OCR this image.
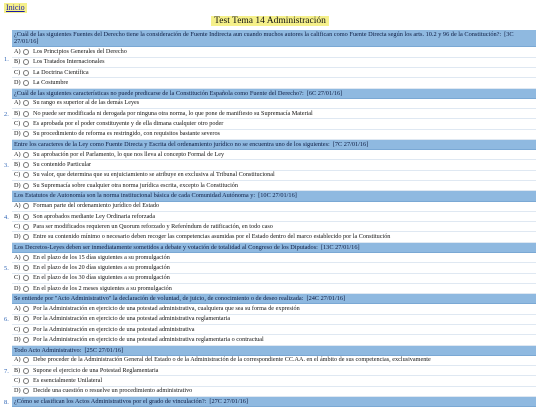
Inicio
Test Tema 14 Administración
1.
¿Cuál de las siguientes Fuentes del Derecho tiene la consideración de Fuente Indirecta aun cuando muchos autores la califican como Fuente Directa según los arts. 10.2 y 96 de la Constitución?: [3C 27/01/16]
A)	Los Principios Generales del Derecho
B)	Los Tratados Internacionales
C)	La Doctrina Científica
D)	La Costumbre
2.
¿Cuál de las siguientes características no puede predicarse de la Constitución Española como Fuente del Derecho?: [6C 27/01/16]
A)	Su rango es superior al de las demás Leyes
B)	No puede ser modificada ni derogada por ninguna otra norma, lo que pone de manifiesto su Supremacía Material
C)	Es aprobada por el poder constituyente y de ella dimana cualquier otro poder
D)	Su procedimiento de reforma es restringido, con requisitos bastante severos
3.
Entre los caracteres de la Ley como Fuente Directa y Escrita del ordenamiento jurídico no se encuentra uno de los siguientes: [7C 27/01/16]
A)	Su aprobación por el Parlamento, lo que nos lleva al concepto Formal de Ley
B)	Su contenido Particular
C)	Su valor, que determina que su enjuiciamiento se atribuye en exclusiva al Tribunal Constitucional
D)	Su Supremacía sobre cualquier otra norma jurídica escrita, excepto la Constitución
4.
Los Estatutos de Autonomía son la norma institucional básica de cada Comunidad Autónoma y: [10C 27/01/16]
A)	Forman parte del ordenamiento jurídico del Estado
B)	Son aprobados mediante Ley Ordinaria reforzada
C)	Para ser modificados requieren un Quorum reforzado y Referéndum de ratificación, en todo caso
D)	Entre su contenido mínimo o necesario deben recoger las competencias asumidas por el Estado dentro del marco establecido por la Constitución
5.
Los Decretos-Leyes deben ser inmediatamente sometidos a debate y votación de totalidad al Congreso de los Diputados: [13C 27/01/16]
A)	En el plazo de los 15 días siguientes a su promulgación
B)	En el plazo de los 20 días siguientes a su promulgación
C)	En el plazo de los 30 días siguientes a su promulgación
D)	En el plazo de los 2 meses siguientes a su promulgación
6.
Se entiende por "Acto Administrativo" la declaración de voluntad, de juicio, de conocimiento o de deseo realizada: [24C 27/01/16]
A)	Por la Administración en ejercicio de una potestad administrativa, cualquiera que sea su forma de expresión
B)	Por la Administración en ejercicio de una potestad administrativa reglamentaria
C)	Por la Administración en ejercicio de una potestad administrativa
D)	Por la Administración en ejercicio de una potestad administrativa reglamentaria o contractual
7.
Todo Acto Administrativo: [25C 27/01/16]
A)	Debe proceder de la Administración General del Estado o de la Administración de la correspondiente CC.AA. en el ámbito de sus competencias, exclusivamente
B)	Supone el ejercicio de una Potestad Reglamentaria
C)	Es esencialmente Unilateral
D)	Decide una cuestión o resuelve un procedimiento administrativo
8. ¿Cómo se clasifican los Actos Administrativos por el grado de vinculación?: [27C 27/01/16]
